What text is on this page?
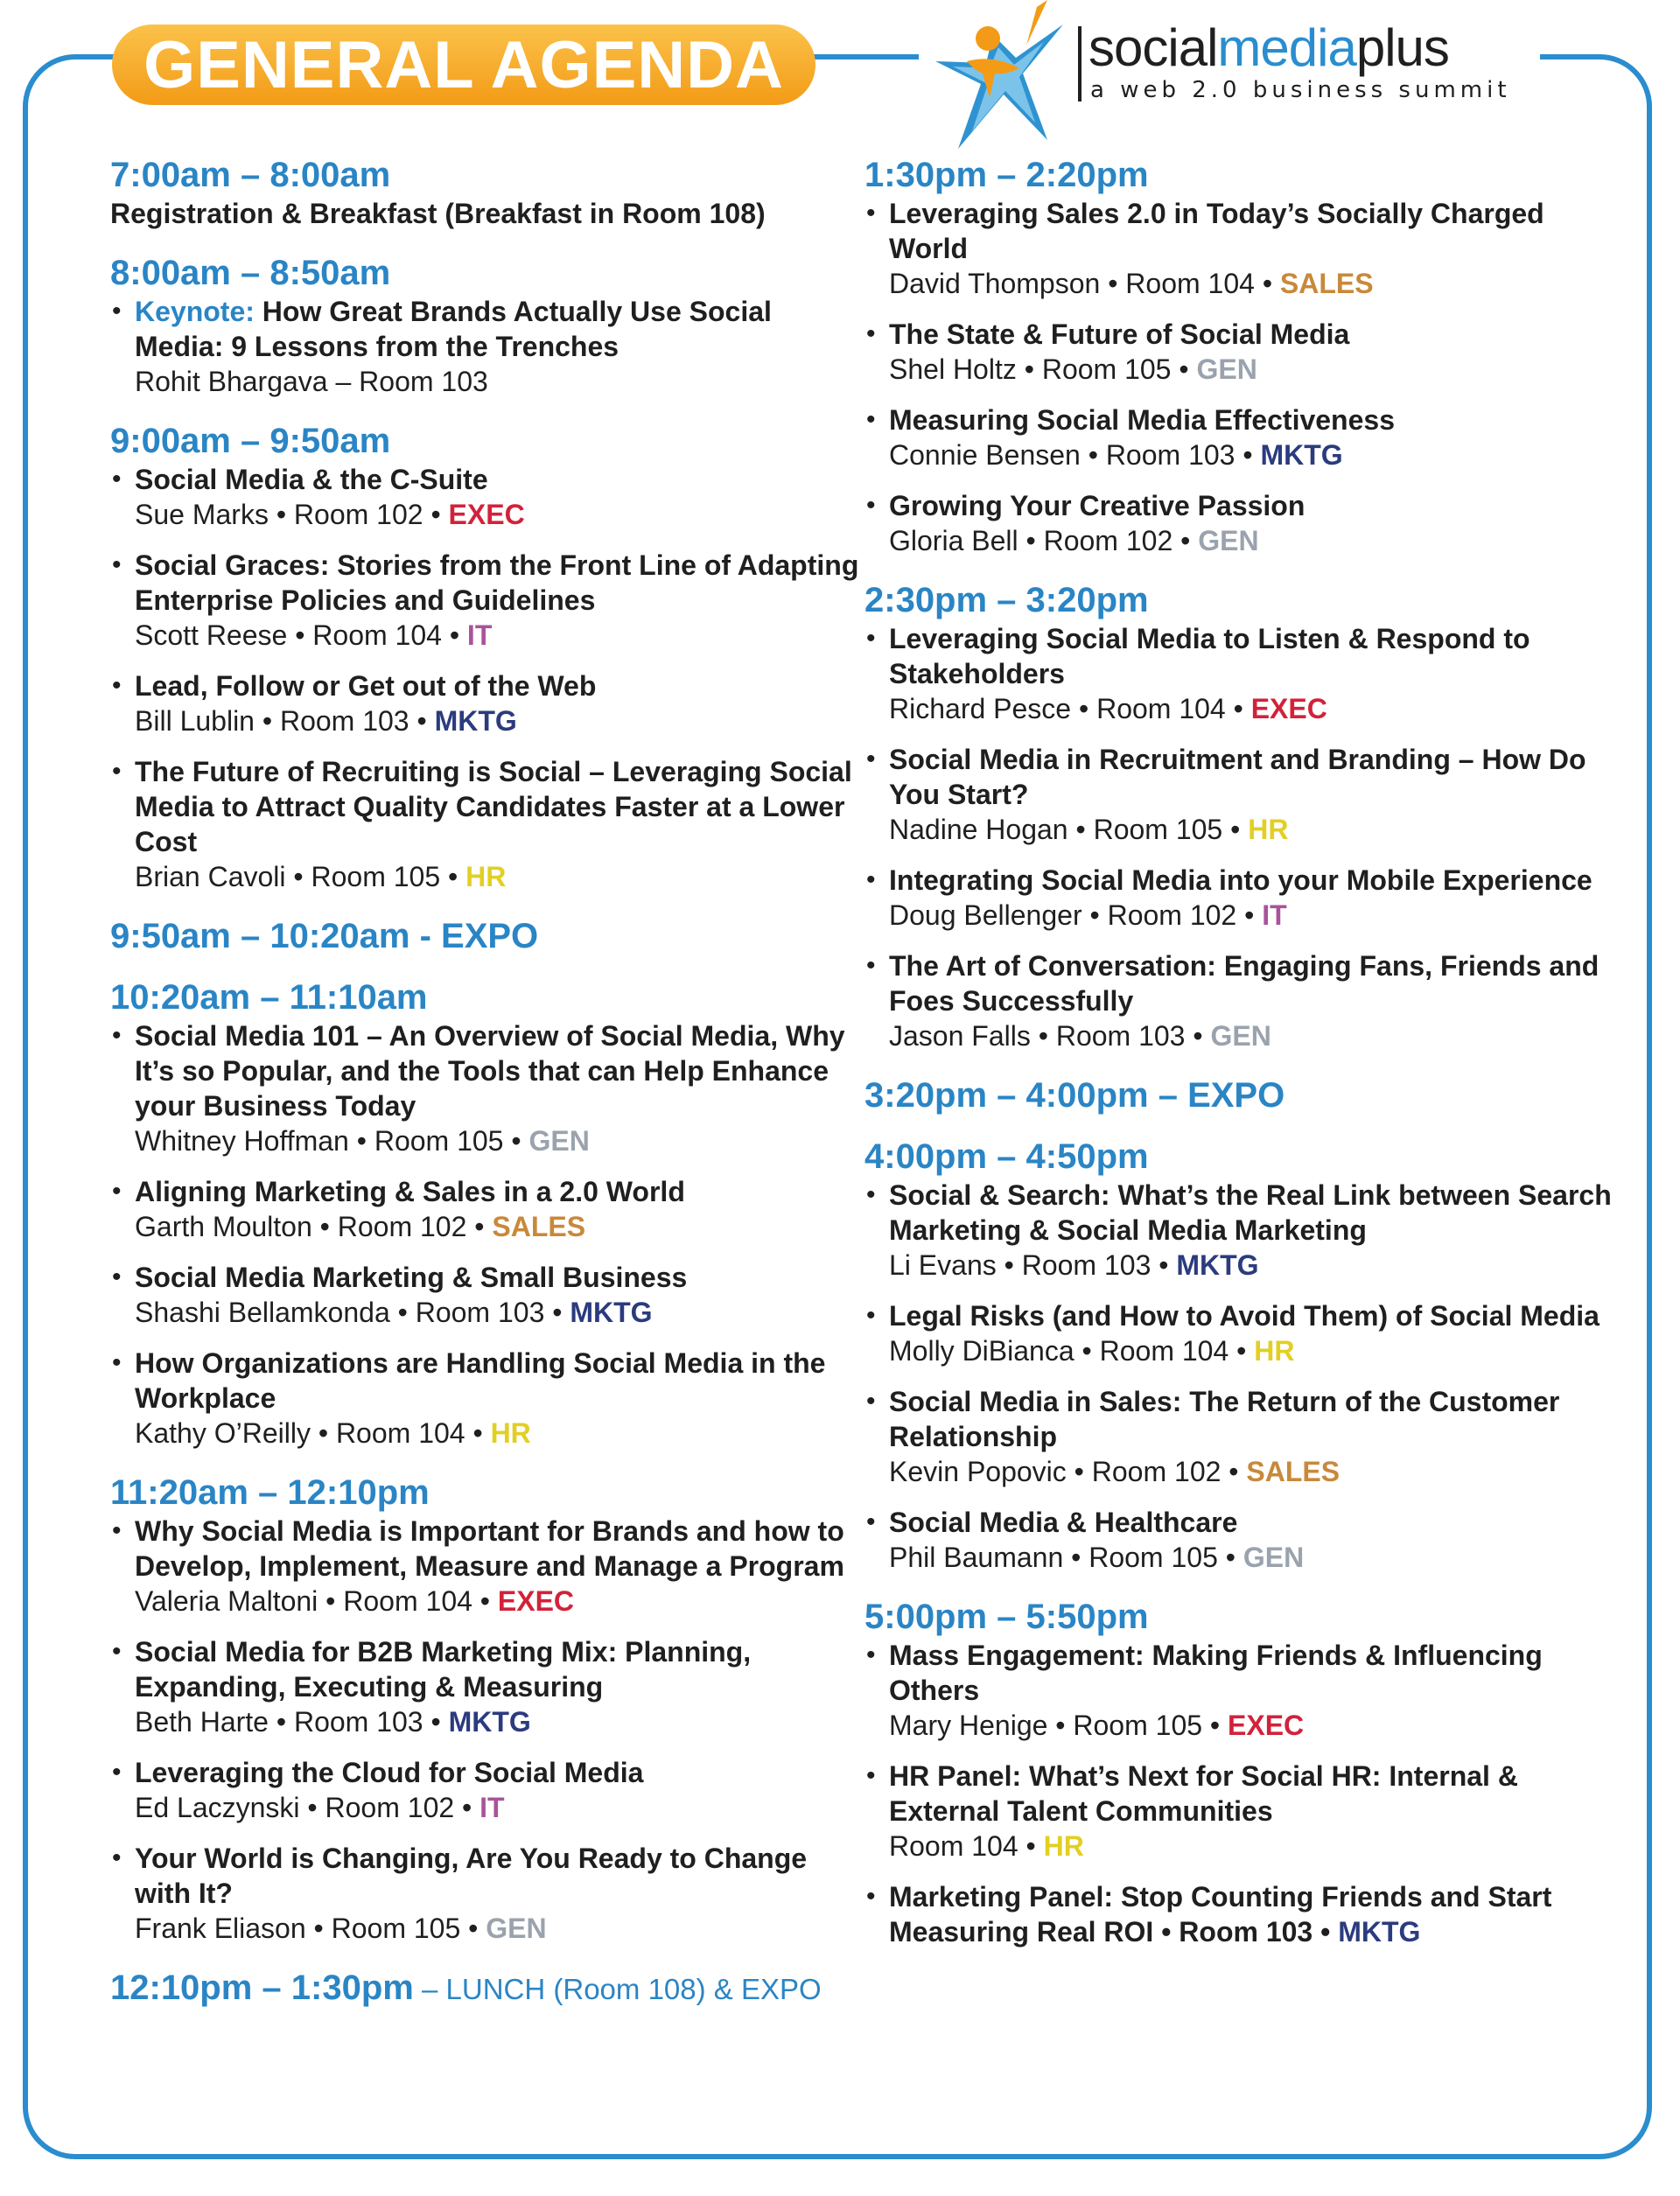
GENERAL AGENDA	socialmediaplus
a web 2.0 business summit
7:00am – 8:00am
Registration & Breakfast (Breakfast in Room 108)
8:00am – 8:50am
• Keynote: How Great Brands Actually Use Social Media: 9 Lessons from the Trenches
Rohit Bhargava – Room 103
9:00am – 9:50am
• Social Media & the C-Suite
Sue Marks • Room 102 • EXEC
• Social Graces: Stories from the Front Line of Adapting Enterprise Policies and Guidelines
Scott Reese • Room 104 • IT
• Lead, Follow or Get out of the Web
Bill Lublin • Room 103 • MKTG
• The Future of Recruiting is Social – Leveraging Social Media to Attract Quality Candidates Faster at a Lower Cost
Brian Cavoli • Room 105 • HR
9:50am – 10:20am - EXPO
10:20am – 11:10am
• Social Media 101 – An Overview of Social Media, Why It’s so Popular, and the Tools that can Help Enhance your Business Today
Whitney Hoffman • Room 105 • GEN
• Aligning Marketing & Sales in a 2.0 World
Garth Moulton • Room 102 • SALES
• Social Media Marketing & Small Business
Shashi Bellamkonda • Room 103 • MKTG
• How Organizations are Handling Social Media in the Workplace
Kathy O’Reilly • Room 104 • HR
11:20am – 12:10pm
• Why Social Media is Important for Brands and how to Develop, Implement, Measure and Manage a Program
Valeria Maltoni • Room 104 • EXEC
• Social Media for B2B Marketing Mix: Planning, Expanding, Executing & Measuring
Beth Harte • Room 103 • MKTG
• Leveraging the Cloud for Social Media
Ed Laczynski • Room 102 • IT
• Your World is Changing, Are You Ready to Change with It?
Frank Eliason • Room 105 • GEN
12:10pm – 1:30pm – LUNCH (Room 108) & EXPO
1:30pm – 2:20pm
• Leveraging Sales 2.0 in Today’s Socially Charged World
David Thompson • Room 104 • SALES
• The State & Future of Social Media
Shel Holtz • Room 105 • GEN
• Measuring Social Media Effectiveness
Connie Bensen • Room 103 • MKTG
• Growing Your Creative Passion
Gloria Bell • Room 102 • GEN
2:30pm – 3:20pm
• Leveraging Social Media to Listen & Respond to Stakeholders
Richard Pesce • Room 104 • EXEC
• Social Media in Recruitment and Branding – How Do You Start?
Nadine Hogan • Room 105 • HR
• Integrating Social Media into your Mobile Experience
Doug Bellenger • Room 102 • IT
• The Art of Conversation: Engaging Fans, Friends and Foes Successfully
Jason Falls • Room 103 • GEN
3:20pm – 4:00pm – EXPO
4:00pm – 4:50pm
• Social & Search: What’s the Real Link between Search Marketing & Social Media Marketing
Li Evans • Room 103 • MKTG
• Legal Risks (and How to Avoid Them) of Social Media
Molly DiBianca • Room 104 • HR
• Social Media in Sales: The Return of the Customer Relationship
Kevin Popovic • Room 102 • SALES
• Social Media & Healthcare
Phil Baumann • Room 105 • GEN
5:00pm – 5:50pm
• Mass Engagement: Making Friends & Influencing Others
Mary Henige • Room 105 • EXEC
• HR Panel: What’s Next for Social HR: Internal & External Talent Communities
Room 104 • HR
• Marketing Panel: Stop Counting Friends and Start Measuring Real ROI • Room 103 • MKTG
